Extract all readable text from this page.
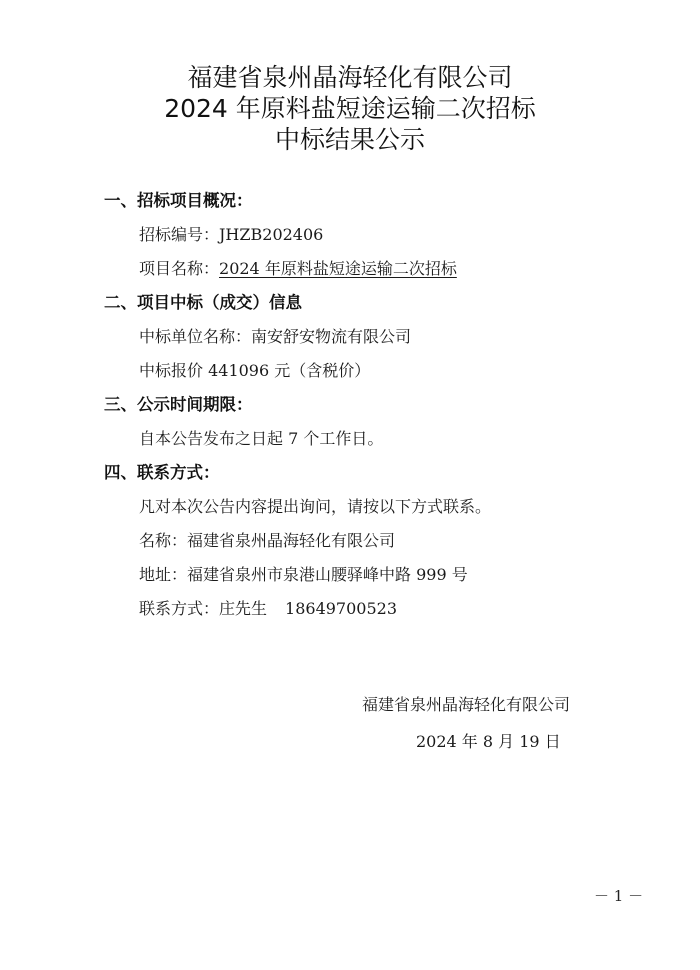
福建省泉州晶海轻化有限公司
2024 年原料盐短途运输二次招标
中标结果公示
一、招标项目概况：
招标编号：JHZB202406
项目名称：2024 年原料盐短途运输二次招标
二、项目中标（成交）信息
中标单位名称：南安舒安物流有限公司
中标报价 441096 元（含税价）
三、公示时间期限：
自本公告发布之日起 7 个工作日。
四、联系方式：
凡对本次公告内容提出询问，请按以下方式联系。
名称：福建省泉州晶海轻化有限公司
地址：福建省泉州市泉港山腰驿峰中路 999 号
联系方式：庄先生 18649700523
福建省泉州晶海轻化有限公司
2024 年 8 月 19 日
－ 1 －
